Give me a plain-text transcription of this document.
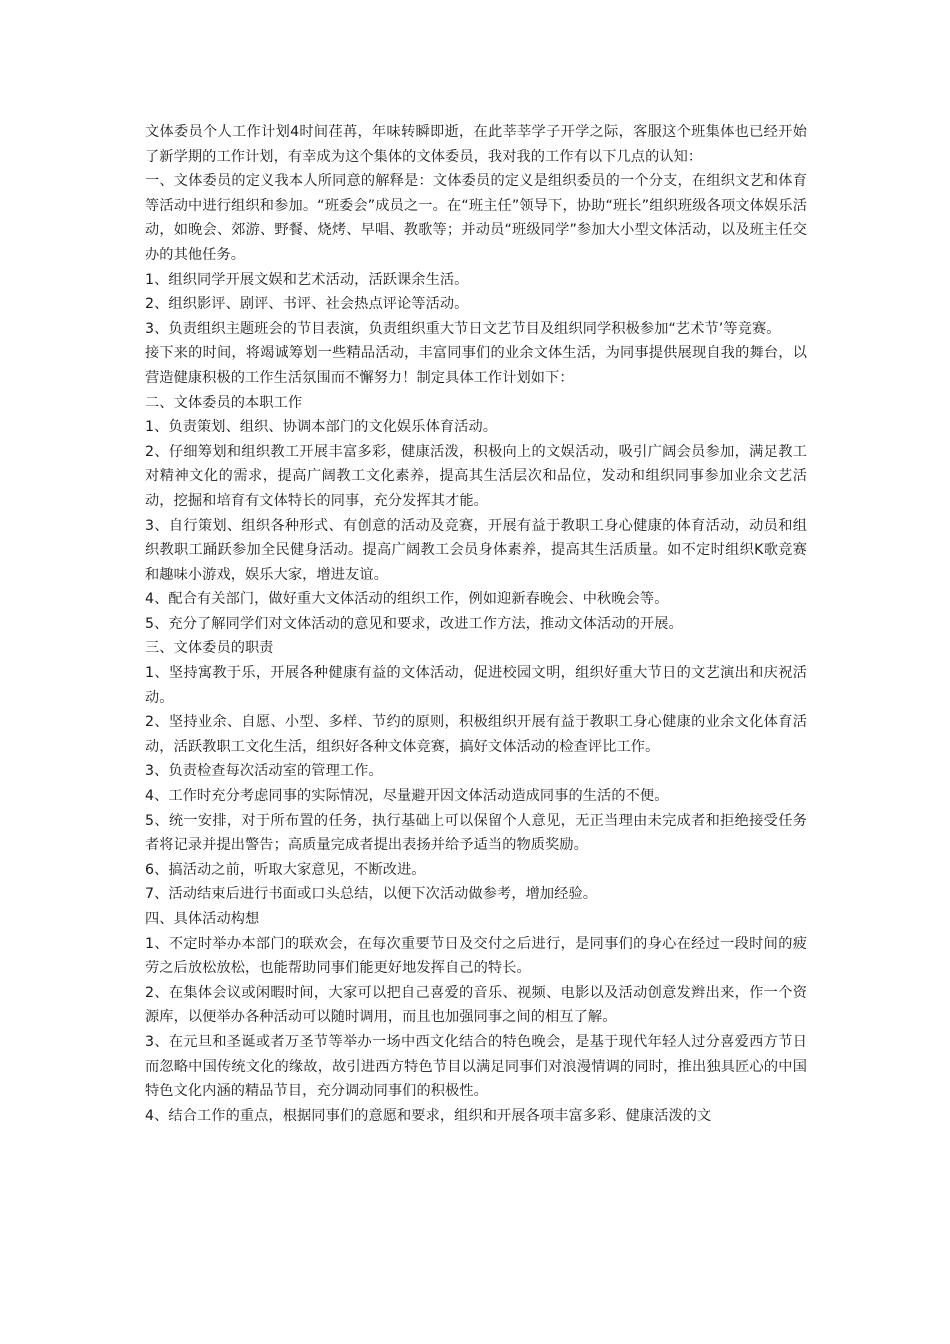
文体委员个人工作计划4时间荏苒，年味转瞬即逝，在此莘莘学子开学之际，客服这个班集体也已经开始了新学期的工作计划，有幸成为这个集体的文体委员，我对我的工作有以下几点的认知：

一、文体委员的定义我本人所同意的解释是：文体委员的定义是组织委员的一个分支，在组织文艺和体育等活动中进行组织和参加。“班委会”成员之一。在“班主任”领导下，协助“班长”组织班级各项文体娱乐活动，如晚会、郊游、野餐、烧烤、早唱、教歌等；并动员“班级同学”参加大小型文体活动，以及班主任交办的其他任务。

1、组织同学开展文娱和艺术活动，活跃课余生活。

2、组织影评、剧评、书评、社会热点评论等活动。

3、负责组织主题班会的节目表演，负责组织重大节日文艺节目及组织同学积极参加“艺术节’等竞赛。

接下来的时间，将竭诚筹划一些精品活动，丰富同事们的业余文体生活，为同事提供展现自我的舞台，以营造健康积极的工作生活氛围而不懈努力！制定具体工作计划如下：

二、文体委员的本职工作

1、负责策划、组织、协调本部门的文化娱乐体育活动。

2、仔细筹划和组织教工开展丰富多彩，健康活泼，积极向上的文娱活动，吸引广阔会员参加，满足教工对精神文化的需求，提高广阔教工文化素养，提高其生活层次和品位，发动和组织同事参加业余文艺活动，挖掘和培育有文体特长的同事，充分发挥其才能。

3、自行策划、组织各种形式、有创意的活动及竞赛，开展有益于教职工身心健康的体育活动，动员和组织教职工踊跃参加全民健身活动。提高广阔教工会员身体素养，提高其生活质量。如不定时组织K歌竞赛和趣味小游戏，娱乐大家，增进友谊。

4、配合有关部门，做好重大文体活动的组织工作，例如迎新春晚会、中秋晚会等。

5、充分了解同学们对文体活动的意见和要求，改进工作方法，推动文体活动的开展。

三、文体委员的职责

1、坚持寓教于乐，开展各种健康有益的文体活动，促进校园文明，组织好重大节日的文艺演出和庆祝活动。

2、坚持业余、自愿、小型、多样、节约的原则，积极组织开展有益于教职工身心健康的业余文化体育活动，活跃教职工文化生活，组织好各种文体竞赛，搞好文体活动的检查评比工作。

3、负责检查每次活动室的管理工作。

4、工作时充分考虑同事的实际情况，尽量避开因文体活动造成同事的生活的不便。

5、统一安排，对于所布置的任务，执行基础上可以保留个人意见，无正当理由未完成者和拒绝接受任务者将记录并提出警告；高质量完成者提出表扬并给予适当的物质奖励。

6、搞活动之前，听取大家意见，不断改进。

7、活动结束后进行书面或口头总结，以便下次活动做参考，增加经验。

四、具体活动构想

1、不定时举办本部门的联欢会，在每次重要节日及交付之后进行，是同事们的身心在经过一段时间的疲劳之后放松放松，也能帮助同事们能更好地发挥自己的特长。

2、在集体会议或闲暇时间，大家可以把自己喜爱的音乐、视频、电影以及活动创意发辫出来，作一个资源库，以便举办各种活动可以随时调用，而且也加强同事之间的相互了解。

3、在元旦和圣诞或者万圣节等举办一场中西文化结合的特色晚会，是基于现代年轻人过分喜爱西方节日而忽略中国传统文化的缘故，故引进西方特色节目以满足同事们对浪漫情调的同时，推出独具匠心的中国特色文化内涵的精品节目，充分调动同事们的积极性。

4、结合工作的重点，根据同事们的意愿和要求，组织和开展各项丰富多彩、健康活泼的文
